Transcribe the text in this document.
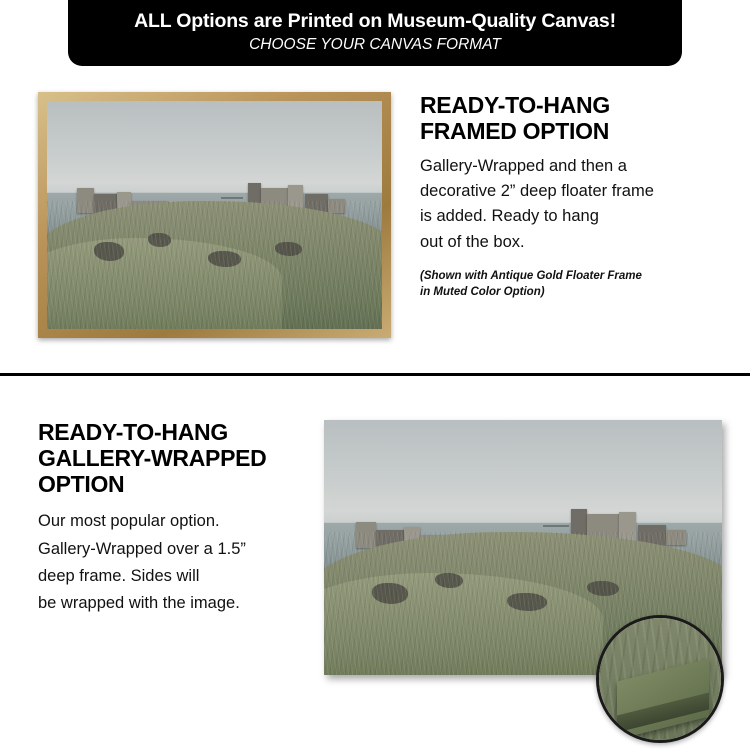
ALL Options are Printed on Museum-Quality Canvas!
CHOOSE YOUR CANVAS FORMAT
READY-TO-HANG
FRAMED OPTION

Gallery-Wrapped and then a

decorative 2” deep floater frame

is added. Ready to hang

out of the box.

(Shown with Antique Gold Floater Frame
in Muted Color Option)
READY-TO-HANG
GALLERY-WRAPPED
OPTION

Our most popular option.

Gallery-Wrapped over a 1.5”

deep frame. Sides will

be wrapped with the image.
